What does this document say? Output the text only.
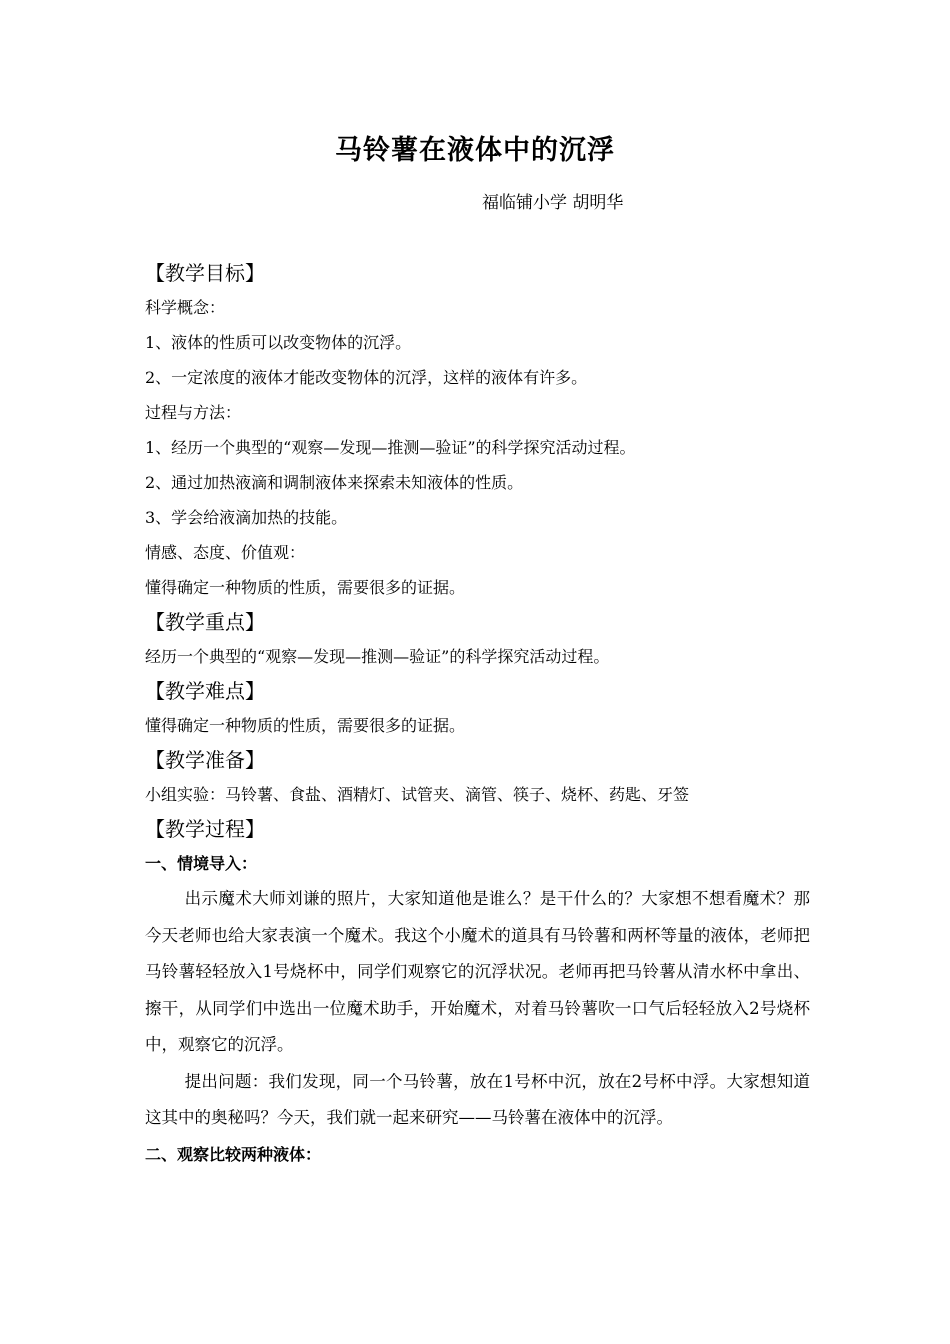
马铃薯在液体中的沉浮
福临铺小学 胡明华
【教学目标】
科学概念：
1、液体的性质可以改变物体的沉浮。
2、一定浓度的液体才能改变物体的沉浮，这样的液体有许多。
过程与方法：
1、经历一个典型的“观察—发现—推测—验证”的科学探究活动过程。
2、通过加热液滴和调制液体来探索未知液体的性质。
3、学会给液滴加热的技能。
情感、态度、价值观：
懂得确定一种物质的性质，需要很多的证据。
【教学重点】
经历一个典型的“观察—发现—推测—验证”的科学探究活动过程。
【教学难点】
懂得确定一种物质的性质，需要很多的证据。
【教学准备】
小组实验：马铃薯、食盐、酒精灯、试管夹、滴管、筷子、烧杯、药匙、牙签
【教学过程】
一、情境导入：

出示魔术大师刘谦的照片，大家知道他是谁么？是干什么的？大家想不想看魔术？那今天老师也给大家表演一个魔术。我这个小魔术的道具有马铃薯和两杯等量的液体，老师把马铃薯轻轻放入1号烧杯中，同学们观察它的沉浮状况。老师再把马铃薯从清水杯中拿出、擦干，从同学们中选出一位魔术助手，开始魔术，对着马铃薯吹一口气后轻轻放入2号烧杯中，观察它的沉浮。

提出问题：我们发现，同一个马铃薯，放在1号杯中沉，放在2号杯中浮。大家想知道这其中的奥秘吗？今天，我们就一起来研究——马铃薯在液体中的沉浮。

二、观察比较两种液体：
